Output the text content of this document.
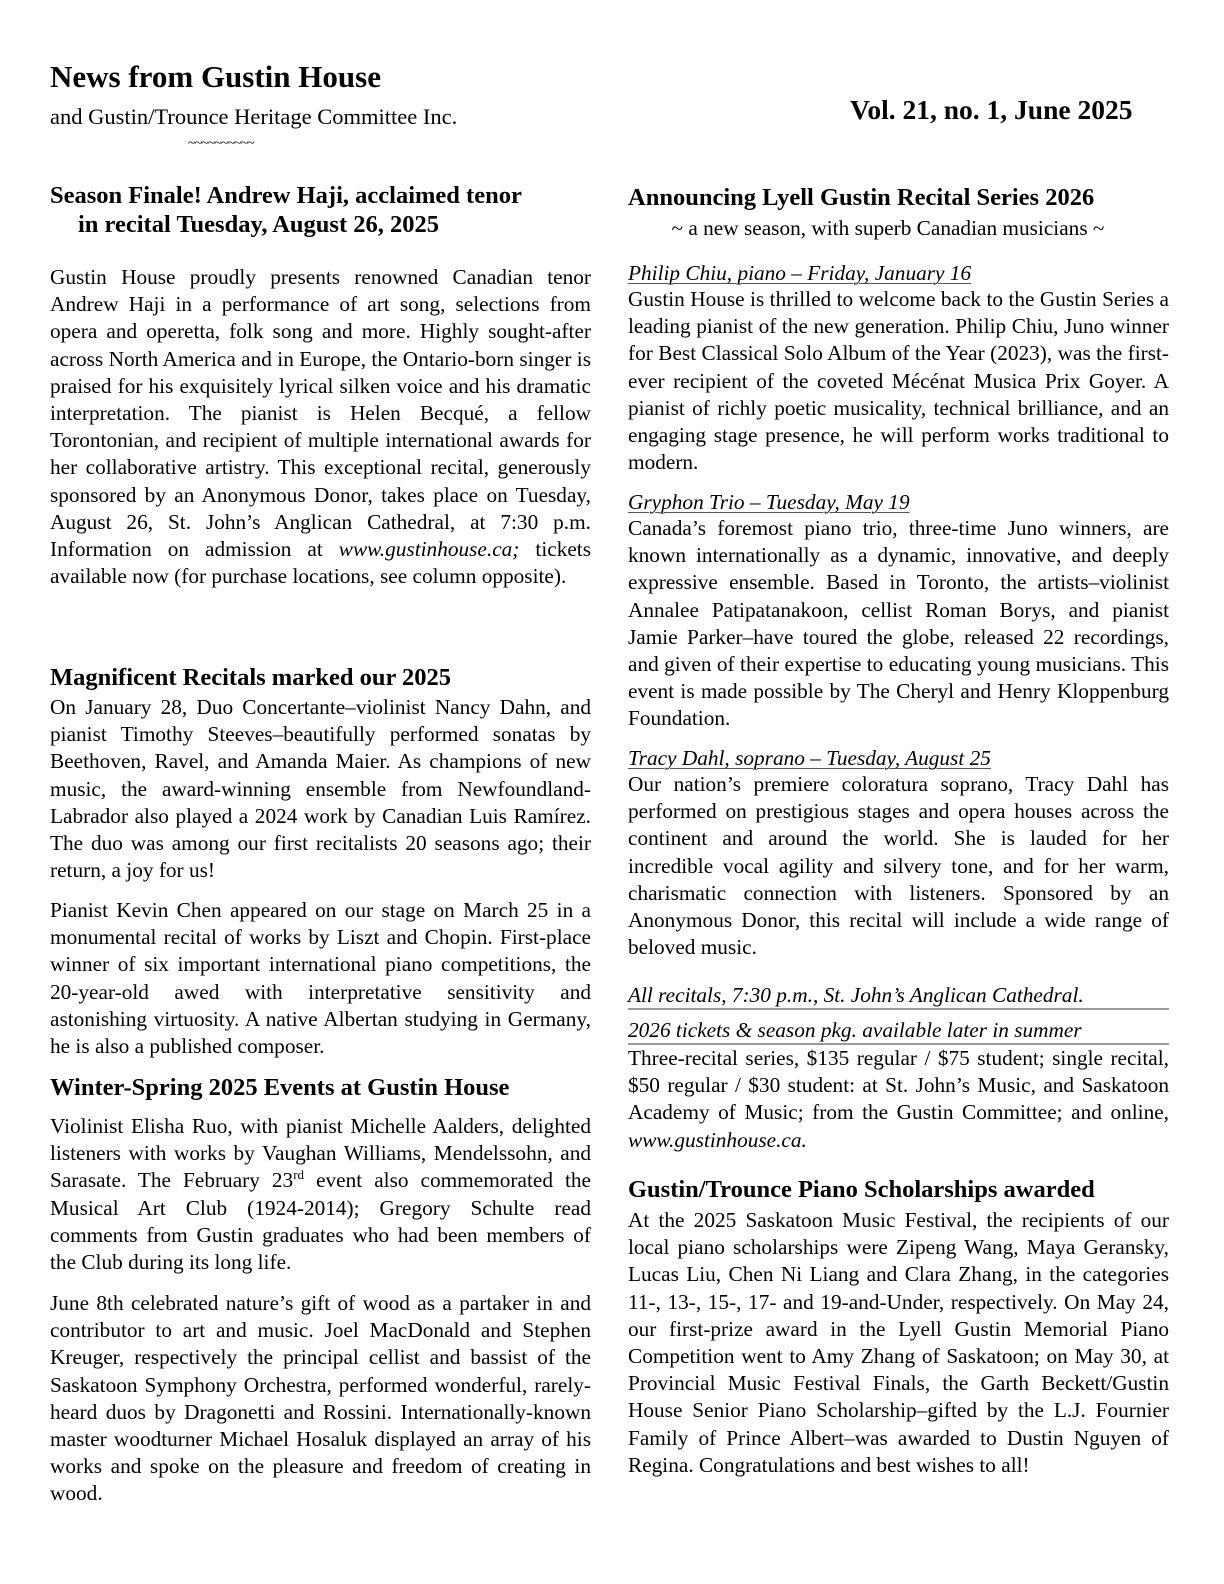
News from Gustin House
and Gustin/Trounce Heritage Committee Inc.
~~~~~~~~~~
Vol. 21, no. 1, June 2025
Season Finale! Andrew Haji, acclaimed tenor
in recital Tuesday, August 26, 2025
Gustin House proudly presents renowned Canadian tenor Andrew Haji in a performance of art song, selections from opera and operetta, folk song and more. Highly sought-after across North America and in Europe, the Ontario-born singer is praised for his exquisitely lyrical silken voice and his dramatic interpretation. The pianist is Helen Becqué, a fellow Torontonian, and recipient of multiple international awards for her collaborative artistry. This exceptional recital, generously sponsored by an Anonymous Donor, takes place on Tuesday, August 26, St. John’s Anglican Cathedral, at 7:30 p.m. Information on admission at www.gustinhouse.ca; tickets available now (for purchase locations, see column opposite).
Magnificent Recitals marked our 2025
On January 28, Duo Concertante–violinist Nancy Dahn, and pianist Timothy Steeves–beautifully performed sonatas by Beethoven, Ravel, and Amanda Maier. As champions of new music, the award-winning ensemble from Newfoundland-Labrador also played a 2024 work by Canadian Luis Ramírez. The duo was among our first recitalists 20 seasons ago; their return, a joy for us!
Pianist Kevin Chen appeared on our stage on March 25 in a monumental recital of works by Liszt and Chopin. First-place winner of six important international piano competitions, the 20-year-old awed with interpretative sensitivity and astonishing virtuosity. A native Albertan studying in Germany, he is also a published composer.
Winter-Spring 2025 Events at Gustin House
Violinist Elisha Ruo, with pianist Michelle Aalders, delighted listeners with works by Vaughan Williams, Mendelssohn, and Sarasate. The February 23rd event also commemorated the Musical Art Club (1924-2014); Gregory Schulte read comments from Gustin graduates who had been members of the Club during its long life.
June 8th celebrated nature’s gift of wood as a partaker in and contributor to art and music. Joel MacDonald and Stephen Kreuger, respectively the principal cellist and bassist of the Saskatoon Symphony Orchestra, performed wonderful, rarely-heard duos by Dragonetti and Rossini. Internationally-known master woodturner Michael Hosaluk displayed an array of his works and spoke on the pleasure and freedom of creating in wood.
Announcing Lyell Gustin Recital Series 2026
~ a new season, with superb Canadian musicians ~
Philip Chiu, piano – Friday, January 16
Gustin House is thrilled to welcome back to the Gustin Series a leading pianist of the new generation. Philip Chiu, Juno winner for Best Classical Solo Album of the Year (2023), was the first-ever recipient of the coveted Mécénat Musica Prix Goyer. A pianist of richly poetic musicality, technical brilliance, and an engaging stage presence, he will perform works traditional to modern.
Gryphon Trio – Tuesday, May 19
Canada’s foremost piano trio, three-time Juno winners, are known internationally as a dynamic, innovative, and deeply expressive ensemble. Based in Toronto, the artists–violinist Annalee Patipatanakoon, cellist Roman Borys, and pianist Jamie Parker–have toured the globe, released 22 recordings, and given of their expertise to educating young musicians. This event is made possible by The Cheryl and Henry Kloppenburg Foundation.
Tracy Dahl, soprano – Tuesday, August 25
Our nation’s premiere coloratura soprano, Tracy Dahl has performed on prestigious stages and opera houses across the continent and around the world. She is lauded for her incredible vocal agility and silvery tone, and for her warm, charismatic connection with listeners. Sponsored by an Anonymous Donor, this recital will include a wide range of beloved music.
All recitals, 7:30 p.m., St. John’s Anglican Cathedral.
2026 tickets & season pkg. available later in summer
Three-recital series, $135 regular / $75 student; single recital, $50 regular / $30 student: at St. John’s Music, and Saskatoon Academy of Music; from the Gustin Committee; and online, www.gustinhouse.ca.
Gustin/Trounce Piano Scholarships awarded
At the 2025 Saskatoon Music Festival, the recipients of our local piano scholarships were Zipeng Wang, Maya Geransky, Lucas Liu, Chen Ni Liang and Clara Zhang, in the categories 11-, 13-, 15-, 17- and 19-and-Under, respectively. On May 24, our first-prize award in the Lyell Gustin Memorial Piano Competition went to Amy Zhang of Saskatoon; on May 30, at Provincial Music Festival Finals, the Garth Beckett/Gustin House Senior Piano Scholarship–gifted by the L.J. Fournier Family of Prince Albert–was awarded to Dustin Nguyen of Regina. Congratulations and best wishes to all!
